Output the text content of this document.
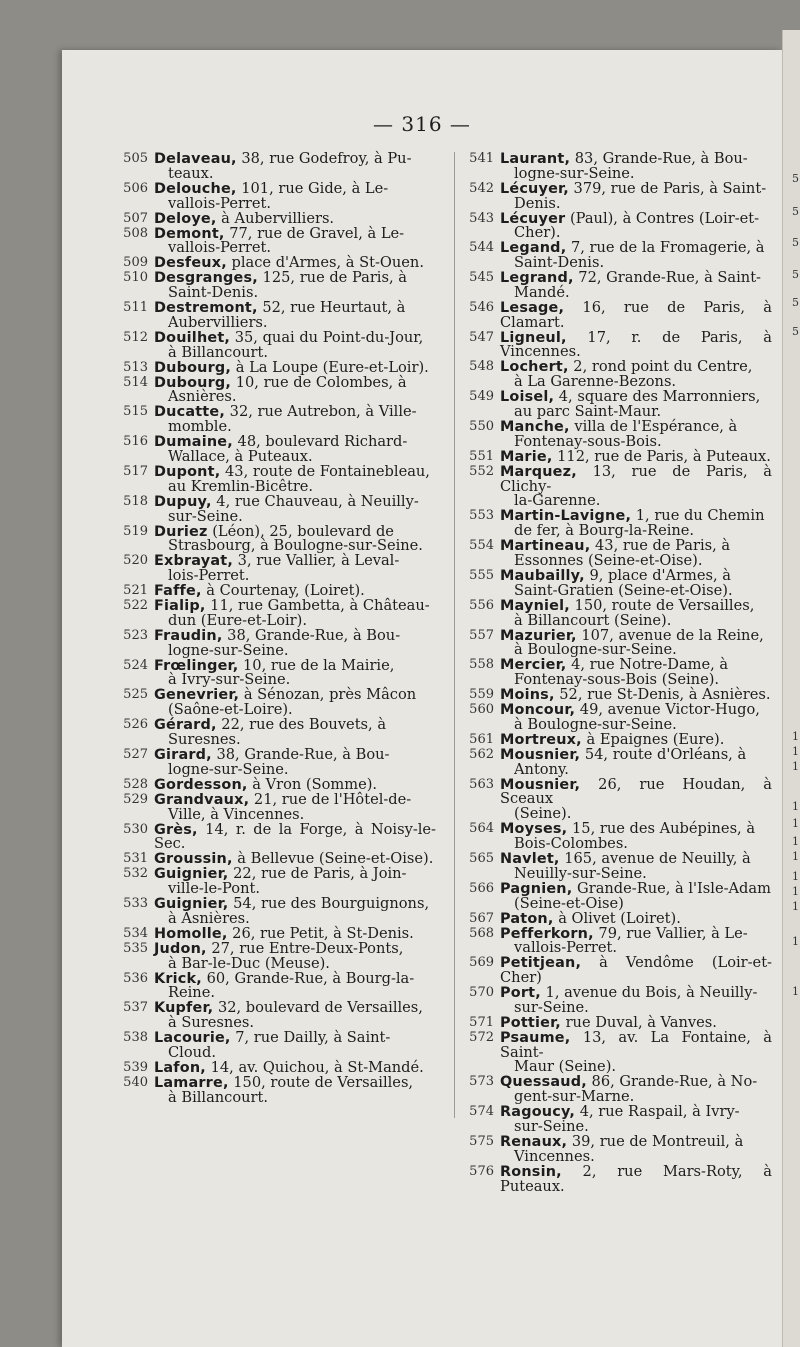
— 316 —
505 Delaveau, 38, rue Godefroy, à Pu-
teaux.
506 Delouche, 101, rue Gide, à Le-
vallois-Perret.
507 Deloye, à Aubervilliers.
508 Demont, 77, rue de Gravel, à Le-
vallois-Perret.
509 Desfeux, place d'Armes, à St-Ouen.
510 Desgranges, 125, rue de Paris, à
Saint-Denis.
511 Destremont, 52, rue Heurtaut, à
Aubervilliers.
512 Douilhet, 35, quai du Point-du-Jour,
à Billancourt.
513 Dubourg, à La Loupe (Eure-et-Loir).
514 Dubourg, 10, rue de Colombes, à
Asnières.
515 Ducatte, 32, rue Autrebon, à Ville-
momble.
516 Dumaine, 48, boulevard Richard-
Wallace, à Puteaux.
517 Dupont, 43, route de Fontainebleau,
au Kremlin-Bicêtre.
518 Dupuy, 4, rue Chauveau, à Neuilly-
sur-Seine.
519 Duriez (Léon), 25, boulevard de
Strasbourg, à Boulogne-sur-Seine.
520 Exbrayat, 3, rue Vallier, à Leval-
lois-Perret.
521 Faffe, à Courtenay, (Loiret).
522 Fialip, 11, rue Gambetta, à Château-
dun (Eure-et-Loir).
523 Fraudin, 38, Grande-Rue, à Bou-
logne-sur-Seine.
524 Frœlinger, 10, rue de la Mairie,
à Ivry-sur-Seine.
525 Genevrier, à Sénozan, près Mâcon
(Saône-et-Loire).
526 Gérard, 22, rue des Bouvets, à
Suresnes.
527 Girard, 38, Grande-Rue, à Bou-
logne-sur-Seine.
528 Gordesson, à Vron (Somme).
529 Grandvaux, 21, rue de l'Hôtel-de-
Ville, à Vincennes.
530 Grès, 14, r. de la Forge, à Noisy-le-Sec.
531 Groussin, à Bellevue (Seine-et-Oise).
532 Guignier, 22, rue de Paris, à Join-
ville-le-Pont.
533 Guignier, 54, rue des Bourguignons,
à Asnières.
534 Homolle, 26, rue Petit, à St-Denis.
535 Judon, 27, rue Entre-Deux-Ponts,
à Bar-le-Duc (Meuse).
536 Krick, 60, Grande-Rue, à Bourg-la-
Reine.
537 Kupfer, 32, boulevard de Versailles,
à Suresnes.
538 Lacourie, 7, rue Dailly, à Saint-
Cloud.
539 Lafon, 14, av. Quichou, à St-Mandé.
540 Lamarre, 150, route de Versailles,
à Billancourt.
541 Laurant, 83, Grande-Rue, à Bou-
logne-sur-Seine.
542 Lécuyer, 379, rue de Paris, à Saint-
Denis.
543 Lécuyer (Paul), à Contres (Loir-et-
Cher).
544 Legand, 7, rue de la Fromagerie, à
Saint-Denis.
545 Legrand, 72, Grande-Rue, à Saint-
Mandé.
546 Lesage, 16, rue de Paris, à Clamart.
547 Ligneul, 17, r. de Paris, à Vincennes.
548 Lochert, 2, rond point du Centre,
à La Garenne-Bezons.
549 Loisel, 4, square des Marronniers,
au parc Saint-Maur.
550 Manche, villa de l'Espérance, à
Fontenay-sous-Bois.
551 Marie, 112, rue de Paris, à Puteaux.
552 Marquez, 13, rue de Paris, à Clichy-
la-Garenne.
553 Martin-Lavigne, 1, rue du Chemin
de fer, à Bourg-la-Reine.
554 Martineau, 43, rue de Paris, à
Essonnes (Seine-et-Oise).
555 Maubailly, 9, place d'Armes, à
Saint-Gratien (Seine-et-Oise).
556 Mayniel, 150, route de Versailles,
à Billancourt (Seine).
557 Mazurier, 107, avenue de la Reine,
à Boulogne-sur-Seine.
558 Mercier, 4, rue Notre-Dame, à
Fontenay-sous-Bois (Seine).
559 Moins, 52, rue St-Denis, à Asnières.
560 Moncour, 49, avenue Victor-Hugo,
à Boulogne-sur-Seine.
561 Mortreux, à Epaignes (Eure).
562 Mousnier, 54, route d'Orléans, à
Antony.
563 Mousnier, 26, rue Houdan, à Sceaux
(Seine).
564 Moyses, 15, rue des Aubépines, à
Bois-Colombes.
565 Navlet, 165, avenue de Neuilly, à
Neuilly-sur-Seine.
566 Pagnien, Grande-Rue, à l'Isle-Adam
(Seine-et-Oise)
567 Paton, à Olivet (Loiret).
568 Pefferkorn, 79, rue Vallier, à Le-
vallois-Perret.
569 Petitjean, à Vendôme (Loir-et-Cher)
570 Port, 1, avenue du Bois, à Neuilly-
sur-Seine.
571 Pottier, rue Duval, à Vanves.
572 Psaume, 13, av. La Fontaine, à Saint-
Maur (Seine).
573 Quessaud, 86, Grande-Rue, à No-
gent-sur-Marne.
574 Ragoucy, 4, rue Raspail, à Ivry-
sur-Seine.
575 Renaux, 39, rue de Montreuil, à
Vincennes.
576 Ronsin, 2, rue Mars-Roty, à Puteaux.
5
5
5
5
5
5
1
1
1
1
1
1
1
1
1
1
1
1
